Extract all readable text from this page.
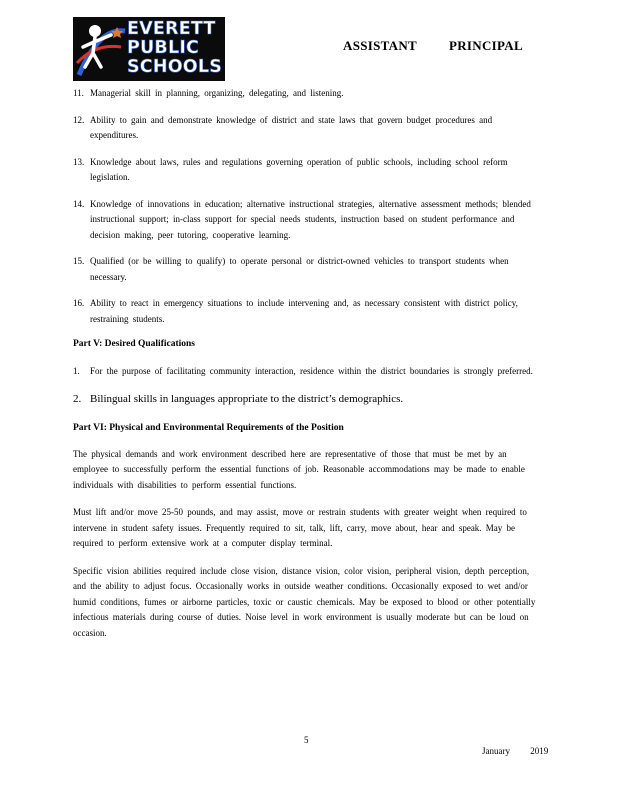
EVERETT
PUBLIC
SCHOOLS
ASSISTANT PRINCIPAL
11. Managerial skill in planning, organizing, delegating, and listening.

12. Ability to gain and demonstrate knowledge of district and state laws that govern budget procedures and expenditures.

13. Knowledge about laws, rules and regulations governing operation of public schools, including school reform legislation.

14. Knowledge of innovations in education; alternative instructional strategies, alternative assessment methods; blended instructional support; in-class support for special needs students, instruction based on student performance and decision making, peer tutoring, cooperative learning.

15. Qualified (or be willing to qualify) to operate personal or district-owned vehicles to transport students when necessary.

16. Ability to react in emergency situations to include intervening and, as necessary consistent with district policy, restraining students.

Part V: Desired Qualifications
1. For the purpose of facilitating community interaction, residence within the district boundaries is strongly preferred.

2. Bilingual skills in languages appropriate to the district’s demographics.

Part VI: Physical and Environmental Requirements of the Position

The physical demands and work environment described here are representative of those that must be met by an employee to successfully perform the essential functions of job. Reasonable accommodations may be made to enable individuals with disabilities to perform essential functions.

Must lift and/or move 25-50 pounds, and may assist, move or restrain students with greater weight when required to intervene in student safety issues. Frequently required to sit, talk, lift, carry, move about, hear and speak. May be required to perform extensive work at a computer display terminal.

Specific vision abilities required include close vision, distance vision, color vision, peripheral vision, depth perception, and the ability to adjust focus. Occasionally works in outside weather conditions. Occasionally exposed to wet and/or humid conditions, fumes or airborne particles, toxic or caustic chemicals. May be exposed to blood or other potentially infectious materials during course of duties. Noise level in work environment is usually moderate but can be loud on occasion.

5
January 2019
